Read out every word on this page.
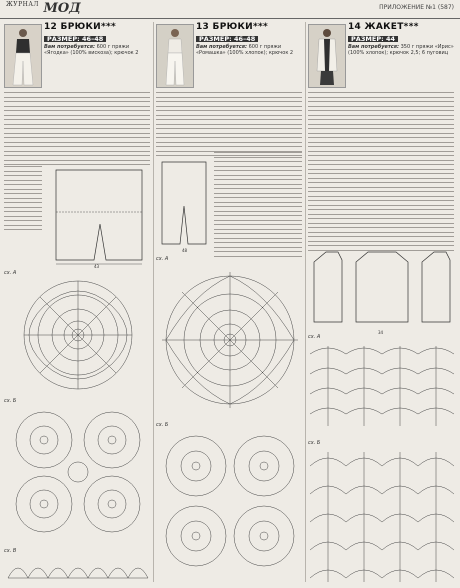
$^{ЖУРНАЛ}$ МОД	ПРИЛОЖЕНИЕ №1 (587)
12 БРЮКИ***
РАЗМЕР: 46–48
Вам потребуется: 600 г пряжи «Ягодка» (100% вискоза); крючок 2
43
сх. А
сх. Б
сх. В
13 БРЮКИ***
РАЗМЕР: 46–48
Вам потребуется: 600 г пряжи «Ромашка» (100% хлопок); крючок 2
48
сх. А
сх. Б
14 ЖАКЕТ***
РАЗМЕР: 44
Вам потребуется: 350 г пряжи «Ирис» (100% хлопок); крючок 2,5; 6 пуговиц
34
сх. А
сх. Б
